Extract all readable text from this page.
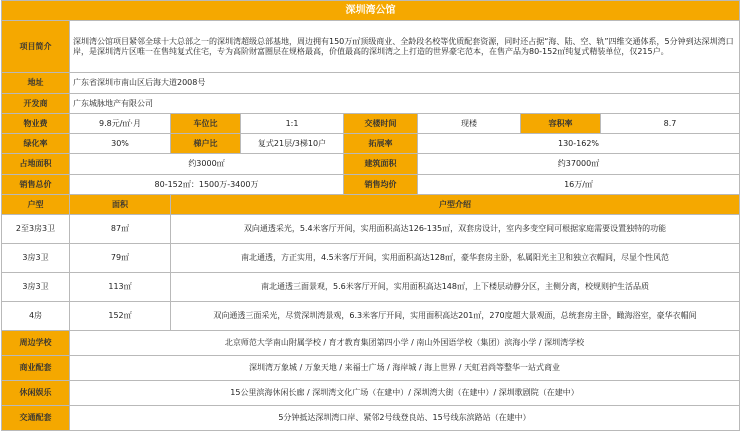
深圳湾公馆							
项目简介	深圳湾公馆项目紧邻全球十大总部之一的深圳湾超级总部基地，周边拥有150万㎡顶级商业、全龄段名校等优质配套资源，同时还占据“海、陆、空、轨”四维交通体系，5分钟到达深圳湾口岸，是深圳湾片区唯一在售纯复式住宅，专为高阶财富圈层在规格最高，价值最高的深圳湾之上打造的世界豪宅范本，在售产品为80-152㎡纯复式精装单位，仅215户。						
地址	广东省深圳市南山区后海大道2008号						
开发商	广东城脉地产有限公司						
物业费	9.8元/㎡·月	车位比	1:1	交楼时间	现楼	容积率	8.7
绿化率	30%	梯户比	复式21层/3梯10户	拓展率	130-162%		
占地面积	约3000㎡			建筑面积	约37000㎡		
销售总价	80-152㎡：1500万-3400万			销售均价	16万/㎡		
户型	面积	户型介绍					
2至3房3卫	87㎡	双向通透采光，5.4米客厅开间，实用面积高达126-135㎡，双套房设计，室内多变空间可根据家庭需要设置独特的功能					
3房3卫	79㎡	南北通透，方正实用，4.5米客厅开间，实用面积高达128㎡，豪华套房主卧，私属阳光主卫和独立衣帽间，尽显个性风范					
3房3卫	113㎡	南北通透三面景观，5.6米客厅开间，实用面积高达148㎡，上下楼层动静分区，主侧分离，校规则护生活品质					
4房	152㎡	双向通透三面采光，尽赏深圳湾景观，6.3米客厅开间，实用面积高达201㎡，270度超大景观面，总统套房主卧，瞰海浴室，豪华衣帽间					
周边学校	北京师范大学南山附属学校 / 育才教育集团第四小学 / 南山外国语学校（集团）滨海小学 / 深圳湾学校						
商业配套	深圳湾万象城 / 万象天地 / 来福士广场 / 海岸城 / 海上世界 / 天虹君尚等整华一站式商业						
休闲娱乐	15公里滨海休闲长廊 / 深圳湾文化广场（在建中）/ 深圳湾大街（在建中）/ 深圳歌剧院（在建中）						
交通配套	5分钟抵达深圳湾口岸、紧邻2号线登良站、15号线东滨路站（在建中）						
